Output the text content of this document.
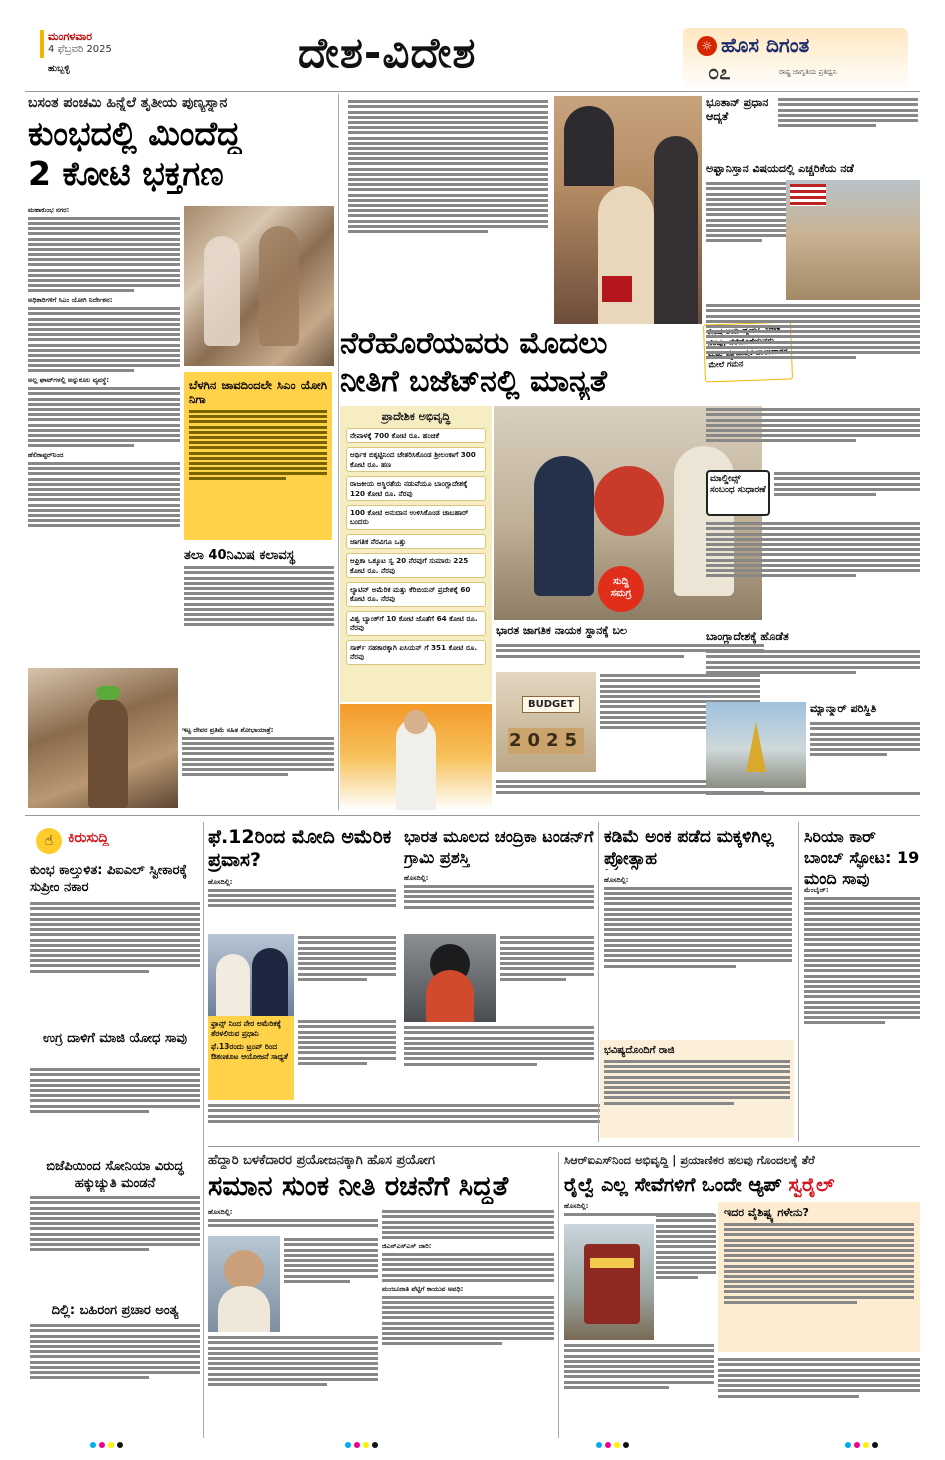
ಮಂಗಳವಾರ
4 ಫೆಬ್ರವರಿ 2025
ಹುಬ್ಬಳ್ಳಿ	ದೇಶ-ವಿದೇಶ	☼ ಹೊಸ ದಿಗಂತ
೦೭	ರಾಷ್ಟ್ರ ಜಾಗೃತಿಯ ಪ್ರತಿಧ್ವನಿ
ಬಸಂತ ಪಂಚಮಿ ಹಿನ್ನೆಲೆ ತೃತೀಯ ಪುಣ್ಯಸ್ನಾನ
ಕುಂಭದಲ್ಲಿ ಮಿಂದೆದ್ದ
2 ಕೋಟಿ ಭಕ್ತಗಣ
ಮಹಾಕುಂಭ ನಗರ:
ಅಧಿಕಾರಿಗಳಿಗೆ ಸಿಎಂ ಯೋಗಿ ನಿರ್ದೇಶನ:
ಅಲ್ಲ ಘಾಟ್‌ಗಳಲ್ಲಿ ಅನ್ನುಕೂಲ ವ್ಯವಸ್ಥೆ:
ಹೆಲಿಕಾಪ್ಟರ್‌ನಿಂದ
ಬೆಳಗಿನ ಜಾವದಿಂದಲೇ ಸಿಎಂ ಯೋಗಿ ನಿಗಾ
ತಲಾ 40ನಿಮಿಷ ಕಲಾವಸ್ಥ
ಇಟ್ಟ ದೇವರ ಪ್ರತಿಮೆ ಸಹಿತ ಶೋಭಾಯಾತ್ರೆ:
ನೆರೆಹೊರೆಯವರು ಮೊದಲು
ನೀತಿಗೆ ಬಜೆಟ್‌ನಲ್ಲಿ ಮಾನ್ಯತೆ
ಪ್ರಾದೇಶಿಕ ಅಭಿವೃದ್ಧಿ
ನೇಪಾಳಕ್ಕೆ 700 ಕೋಟಿ ರೂ. ಹಂಚಿಕೆ
ಆರ್ಥಿಕ ಬಿಕ್ಕಟ್ಟಿನಿಂದ ಚೇತರಿಸಿಕೊಂಡ ಶ್ರೀಲಂಕಾಗೆ 300 ಕೋಟಿ ರೂ. ಹಣ
ರಾಜಕೀಯ ಅಸ್ಥಿರತೆಯ ನಡುವೆಯೂ ಬಾಂಗ್ಲಾದೇಶಕ್ಕೆ 120 ಕೋಟಿ ರೂ. ನೆರವು
100 ಕೋಟಿ ಅನುದಾನ ಉಳಿಸಿಕೊಂಡ ಚಾಬಹಾರ್ ಬಂದರು
ಜಾಗತಿಕ ನೆರವಿಗೂ ಒತ್ತು
ಆಫ್ರಿಕಾ ಒಕ್ಕೂಟ ಸ್ವ 20 ನೆರವುಗೆ ಸುಮಾರು 225 ಕೋಟಿ ರೂ. ನೆರವು
ಲ್ಯಾಟಿನ್ ಅಮೆರಿಕ ಮತ್ತು ಕೆರಿಬಿಯನ್ ಪ್ರದೇಶಕ್ಕೆ 60 ಕೋಟಿ ರೂ. ನೆರವು
ವಿಶ್ವ ಬ್ಯಾಂಕ್‌ಗೆ 10 ಕೋಟಿ ಜೊತೆಗೆ 64 ಕೋಟಿ ರೂ. ನೆರವು
ಸಾರ್ಕ್ ಸಹಕಾರಕ್ಕಾಗಿ ಏಸಿಯನ್ ಗೆ 351 ಕೋಟಿ ರೂ. ನೆರವು
ಸುದ್ದಿ
ಸಮಗ್ರ
ಮೇಲೆ ಗಮನ
ಭಾರತ ಜಾಗತಿಕ ನಾಯಕ ಸ್ಥಾನಕ್ಕೆ ಬಲ
BUDGET
2025
ಭೂತಾನ್ ಪ್ರಧಾನ ಆದ್ಯತೆ
ಅಫ್ಘಾನಿಸ್ತಾನ ವಿಷಯದಲ್ಲಿ ಎಚ್ಚರಿಕೆಯ ನಡೆ
ಮಾಲ್ಡೀವ್ಸ್ ಸಂಬಂಧ ಸುಧಾರಣೆ
ಬಾಂಗ್ಲಾದೇಶಕ್ಕೆ ಹೊಡೆತ
ಮ್ಯಾನ್ಮಾರ್ ಪರಿಸ್ಥಿತಿ
☝	ಕಿರುಸುದ್ದಿ
ಕುಂಭ ಕಾಲ್ತುಳಿತ: ಪಿಐಎಲ್ ಸ್ವೀಕಾರಕ್ಕೆ ಸುಪ್ರೀಂ ನಕಾರ
ಉಗ್ರ ದಾಳಿಗೆ ಮಾಜಿ ಯೋಧ ಸಾವು
ಬಿಜೆಪಿಯಿಂದ ಸೋನಿಯಾ ವಿರುದ್ಧ ಹಕ್ಕುಚ್ಯುತಿ ಮಂಡನೆ
ದಿಲ್ಲಿ: ಬಹಿರಂಗ ಪ್ರಚಾರ ಅಂತ್ಯ
ಫೆ.12ರಿಂದ ಮೋದಿ ಅಮೆರಿಕ ಪ್ರವಾಸ?
ಹೊಸದಿಲ್ಲಿ:
ಫ್ರಾನ್ಸ್ ನಿಂದ ನೇರ ಅಮೆರಿಕಕ್ಕೆ ತೆರಳಲಿರುವ ಪ್ರಧಾನಿ
ಫೆ.13ರಂದು ಟ್ರಂಪ್ ರಿಂದ ಔತಣಕೂಟ ಆಯೋಜನೆ ಸಾಧ್ಯತೆ
ಭಾರತ ಮೂಲದ ಚಂದ್ರಿಕಾ ಟಂಡನ್‌ಗೆ ಗ್ರಾಮಿ ಪ್ರಶಸ್ತಿ
ಹೊಸದಿಲ್ಲಿ:
ಕಡಿಮೆ ಅಂಕ ಪಡೆದ ಮಕ್ಕಳಿಗಿಲ್ಲ ಪ್ರೋತ್ಸಾಹ
ಹೊಸದಿಲ್ಲಿ:
ಭವಿಷ್ಯದೊಂದಿಗೆ ರಾಜಿ
ಸಿರಿಯಾ ಕಾರ್ ಬಾಂಬ್ ಸ್ಫೋಟ: 19 ಮಂದಿ ಸಾವು
ಮೆಂಬೈಜ್:
ಹೆದ್ದಾರಿ ಬಳಕೆದಾರರ ಪ್ರಯೋಜನಕ್ಕಾಗಿ ಹೊಸ ಪ್ರಯೋಗ
ಸಮಾನ ಸುಂಕ ನೀತಿ ರಚನೆಗೆ ಸಿದ್ಧತೆ
ಹೊಸದಿಲ್ಲಿ:
ಜಿಎನ್ಎಸ್‌ಎಸ್ ಜಾರಿ:
ಮಂಜೂರಾತಿ ಪೆಟ್ಟಿಗೆ ಕಾಯುವ ಅವಧಿ:
ಸಿಆರ್‌ಐಎಸ್‌ನಿಂದ ಅಭಿವೃದ್ಧಿ | ಪ್ರಯಾಣಿಕರ ಹಲವು ಗೊಂದಲಕ್ಕೆ ತೆರೆ
ರೈಲ್ವೆ ಎಲ್ಲ ಸೇವೆಗಳಿಗೆ ಒಂದೇ ಆ್ಯಪ್ ಸ್ವರೈಲ್
ಹೊಸದಿಲ್ಲಿ:	ಇದರ ವೈಶಿಷ್ಟ್ಯ ಗಳೇನು?
